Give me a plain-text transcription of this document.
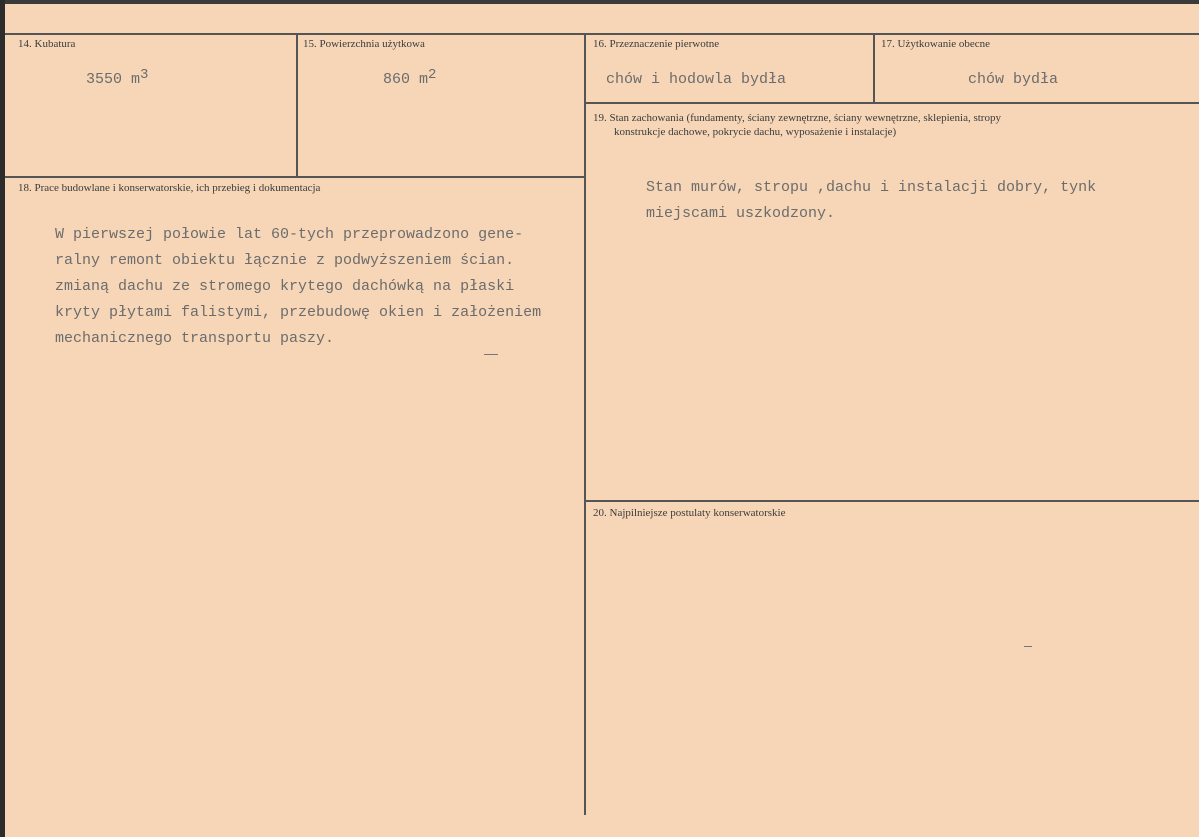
14. Kubatura
3550 $m^3$
15. Powierzchnia użytkowa
860 $m^2$
16. Przeznaczenie pierwotne
chów i hodowla bydła
17. Użytkowanie obecne
chów bydła
19. Stan zachowania (fundamenty, ściany zewnętrzne, ściany wewnętrzne, sklepienia, stropy
konstrukcje dachowe, pokrycie dachu, wyposażenie i instalacje)
Stan murów, stropu ,dachu i instalacji dobry, tynk
miejscami uszkodzony.
18. Prace budowlane i konserwatorskie, ich przebieg i dokumentacja
W pierwszej połowie lat 60-tych przeprowadzono gene-
ralny remont obiektu łącznie z podwyższeniem ścian.
zmianą dachu ze stromego krytego dachówką na płaski
kryty płytami falistymi, przebudowę okien i założeniem
mechanicznego transportu paszy.
20. Najpilniejsze postulaty konserwatorskie
